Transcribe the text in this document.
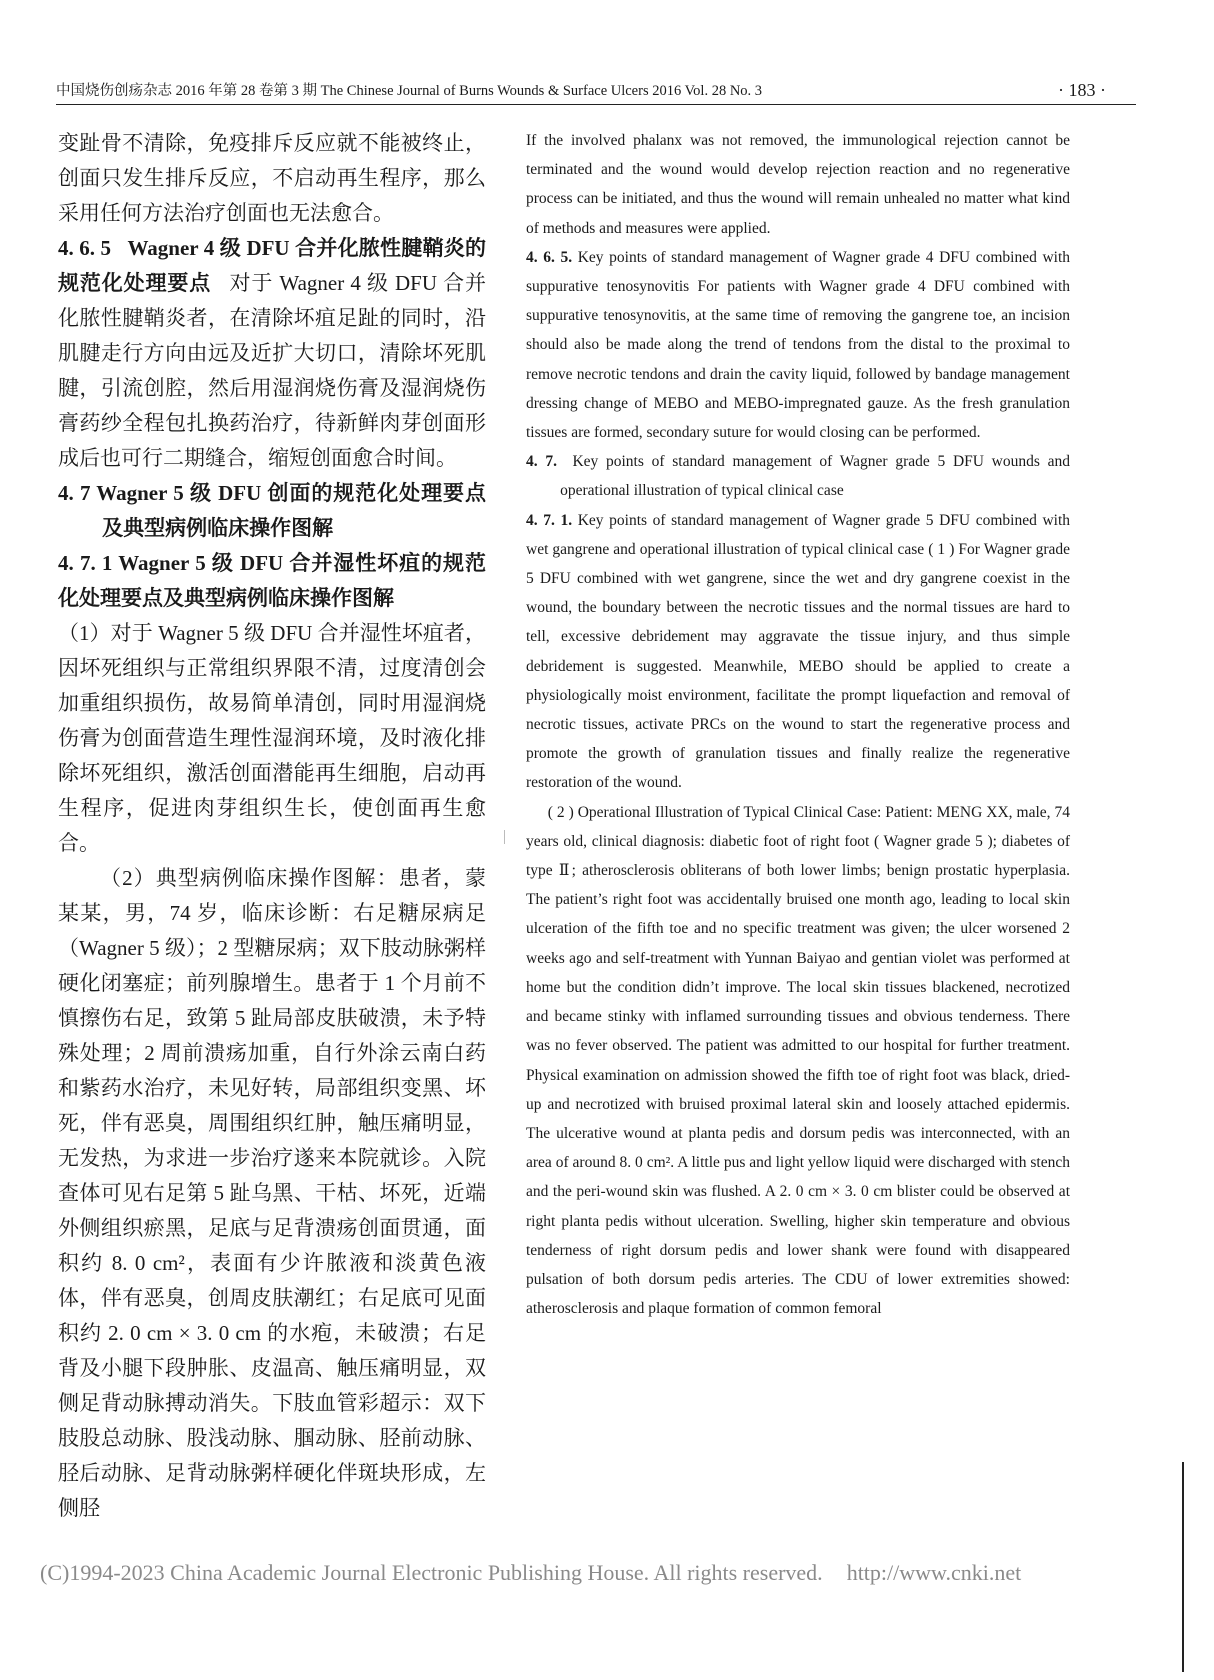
中国烧伤创疡杂志 2016 年第 28 卷第 3 期 The Chinese Journal of Burns Wounds & Surface Ulcers 2016 Vol. 28 No. 3	· 183 ·

变趾骨不清除，免疫排斥反应就不能被终止，创面只发生排斥反应，不启动再生程序，那么采用任何方法治疗创面也无法愈合。

4. 6. 5 Wagner 4 级 DFU 合并化脓性腱鞘炎的规范化处理要点 对于 Wagner 4 级 DFU 合并化脓性腱鞘炎者，在清除坏疽足趾的同时，沿肌腱走行方向由远及近扩大切口，清除坏死肌腱，引流创腔，然后用湿润烧伤膏及湿润烧伤膏药纱全程包扎换药治疗，待新鲜肉芽创面形成后也可行二期缝合，缩短创面愈合时间。

4. 7 Wagner 5 级 DFU 创面的规范化处理要点及典型病例临床操作图解

4. 7. 1 Wagner 5 级 DFU 合并湿性坏疽的规范化处理要点及典型病例临床操作图解

（1）对于 Wagner 5 级 DFU 合并湿性坏疽者，因坏死组织与正常组织界限不清，过度清创会加重组织损伤，故易简单清创，同时用湿润烧伤膏为创面营造生理性湿润环境，及时液化排除坏死组织，激活创面潜能再生细胞，启动再生程序，促进肉芽组织生长，使创面再生愈合。

（2）典型病例临床操作图解：患者，蒙某某，男，74 岁，临床诊断：右足糖尿病足（Wagner 5 级）；2 型糖尿病；双下肢动脉粥样硬化闭塞症；前列腺增生。患者于 1 个月前不慎擦伤右足，致第 5 趾局部皮肤破溃，未予特殊处理；2 周前溃疡加重，自行外涂云南白药和紫药水治疗，未见好转，局部组织变黑、坏死，伴有恶臭，周围组织红肿，触压痛明显，无发热，为求进一步治疗遂来本院就诊。入院查体可见右足第 5 趾乌黑、干枯、坏死，近端外侧组织瘀黑，足底与足背溃疡创面贯通，面积约 8. 0 cm²，表面有少许脓液和淡黄色液体，伴有恶臭，创周皮肤潮红；右足底可见面积约 2. 0 cm × 3. 0 cm 的水疱，未破溃；右足背及小腿下段肿胀、皮温高、触压痛明显，双侧足背动脉搏动消失。下肢血管彩超示：双下肢股总动脉、股浅动脉、腘动脉、胫前动脉、胫后动脉、足背动脉粥样硬化伴斑块形成，左侧胫

If the involved phalanx was not removed, the immunological rejection cannot be terminated and the wound would develop rejection reaction and no regenerative process can be initiated, and thus the wound will remain unhealed no matter what kind of methods and measures were applied.

4. 6. 5. Key points of standard management of Wagner grade 4 DFU combined with suppurative tenosynovitis For patients with Wagner grade 4 DFU combined with suppurative tenosynovitis, at the same time of removing the gangrene toe, an incision should also be made along the trend of tendons from the distal to the proximal to remove necrotic tendons and drain the cavity liquid, followed by bandage management dressing change of MEBO and MEBO-impregnated gauze. As the fresh granulation tissues are formed, secondary suture for would closing can be performed.

4. 7. Key points of standard management of Wagner grade 5 DFU wounds and operational illustration of typical clinical case

4. 7. 1. Key points of standard management of Wagner grade 5 DFU combined with wet gangrene and operational illustration of typical clinical case ( 1 ) For Wagner grade 5 DFU combined with wet gangrene, since the wet and dry gangrene coexist in the wound, the boundary between the necrotic tissues and the normal tissues are hard to tell, excessive debridement may aggravate the tissue injury, and thus simple debridement is suggested. Meanwhile, MEBO should be applied to create a physiologically moist environment, facilitate the prompt liquefaction and removal of necrotic tissues, activate PRCs on the wound to start the regenerative process and promote the growth of granulation tissues and finally realize the regenerative restoration of the wound.

( 2 ) Operational Illustration of Typical Clinical Case: Patient: MENG XX, male, 74 years old, clinical diagnosis: diabetic foot of right foot ( Wagner grade 5 ); diabetes of type Ⅱ; atherosclerosis obliterans of both lower limbs; benign prostatic hyperplasia. The patient’s right foot was accidentally bruised one month ago, leading to local skin ulceration of the fifth toe and no specific treatment was given; the ulcer worsened 2 weeks ago and self-treatment with Yunnan Baiyao and gentian violet was performed at home but the condition didn’t improve. The local skin tissues blackened, necrotized and became stinky with inflamed surrounding tissues and obvious tenderness. There was no fever observed. The patient was admitted to our hospital for further treatment. Physical examination on admission showed the fifth toe of right foot was black, dried-up and necrotized with bruised proximal lateral skin and loosely attached epidermis. The ulcerative wound at planta pedis and dorsum pedis was interconnected, with an area of around 8. 0 cm². A little pus and light yellow liquid were discharged with stench and the peri-wound skin was flushed. A 2. 0 cm × 3. 0 cm blister could be observed at right planta pedis without ulceration. Swelling, higher skin temperature and obvious tenderness of right dorsum pedis and lower shank were found with disappeared pulsation of both dorsum pedis arteries. The CDU of lower extremities showed: atherosclerosis and plaque formation of common femoral

(C)1994-2023 China Academic Journal Electronic Publishing House. All rights reserved. http://www.cnki.net
